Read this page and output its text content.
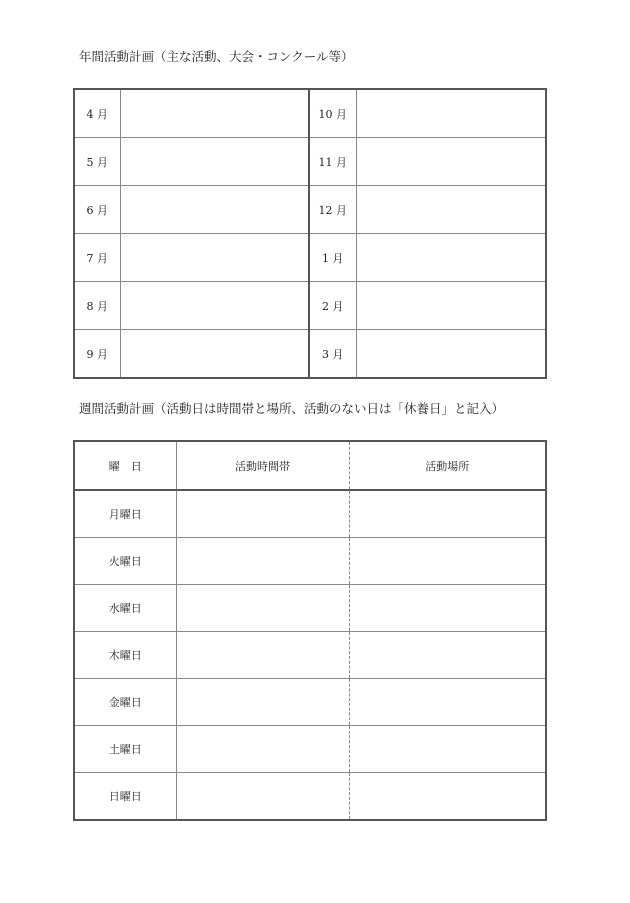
年間活動計画（主な活動、大会・コンクール等）
4 月		10 月	
5 月		11 月	
6 月		12 月	
7 月		1 月	
8 月		2 月	
9 月		3 月	
週間活動計画（活動日は時間帯と場所、活動のない日は「休養日」と記入）
曜　日	活動時間帯	活動場所
月曜日		
火曜日		
水曜日		
木曜日		
金曜日		
土曜日		
日曜日		
